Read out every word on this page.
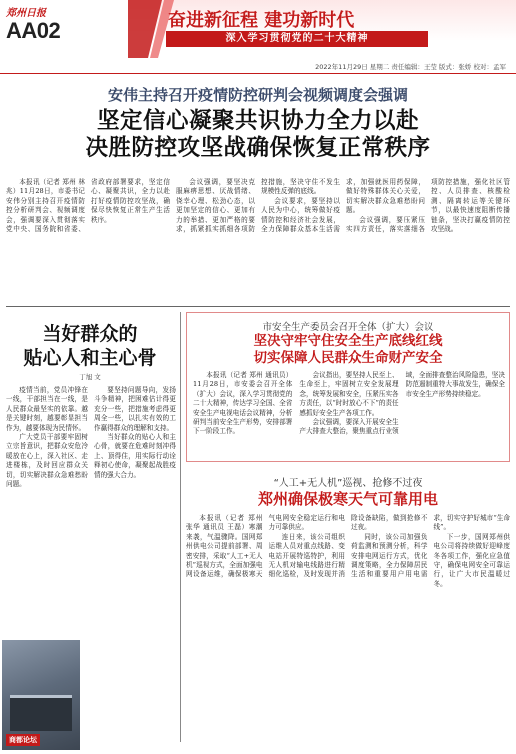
郑州日报
AA02	奋进新征程 建功新时代
深入学习贯彻党的二十大精神
2022年11月29日 星期二 责任编辑：王莹 版式：张娇 校对：孟军
安伟主持召开疫情防控研判会视频调度会强调
坚定信心凝聚共识协力全力以赴
决胜防控攻坚战确保恢复正常秩序

本报讯（记者 郑州 林兆）11月28日，市委书记安伟分别主持召开疫情防控分析研判会、视频调度会，强调要深入贯彻落实党中央、国务院和省委、省政府部署要求，坚定信心、凝聚共识，全力以赴打好疫情防控攻坚战，确保尽快恢复正常生产生活秩序。

会议强调，要坚决克服麻痹思想、厌战情绪、侥幸心理、松劲心态，以更加坚定的信心、更加有力的举措、更加严格的要求，抓紧抓实抓细各项防控措施，坚决守住不发生规模性反弹的底线。

会议要求，要坚持以人民为中心，统筹做好疫情防控和经济社会发展，全力保障群众基本生活需求，加强就医用药保障，做好特殊群体关心关爱，切实解决群众急难愁盼问题。

会议强调，要压紧压实四方责任，落实落细各项防控措施，强化社区管控、人员排查、核酸检测、隔离转运等关键环节，以最快速度阻断传播链条，坚决打赢疫情防控攻坚战。

当好群众的
贴心人和主心骨
丁旭 文

疫情当前，党员冲锋在一线，干部担当在一线，是人民群众最坚实的依靠。越是关键时刻，越要彰显担当作为，越要体现为民情怀。

广大党员干部要牢固树立宗旨意识，把群众安危冷暖放在心上，深入社区、走进楼栋，及时回应群众关切，切实解决群众急难愁盼问题。

要坚持问题导向，发扬斗争精神，把困难估计得更充分一些，把措施考虑得更周全一些，以扎实有效的工作赢得群众的理解和支持。

当好群众的贴心人和主心骨，就要在危难时刻冲得上、顶得住，用实际行动诠释初心使命，凝聚起战胜疫情的强大合力。

市安全生产委员会召开全体（扩大）会议
坚决守牢守住安全生产底线红线
切实保障人民群众生命财产安全

本报讯（记者 郑州 通讯员）11月28日，市安委会召开全体（扩大）会议，深入学习贯彻党的二十大精神，传达学习全国、全省安全生产电视电话会议精神，分析研判当前安全生产形势，安排部署下一阶段工作。

会议指出，要坚持人民至上、生命至上，牢固树立安全发展理念，统筹发展和安全，压紧压实各方责任，以“时时放心不下”的责任感抓好安全生产各项工作。

会议强调，要深入开展安全生产大排查大整治，聚焦重点行业领域，全面排查整治风险隐患，坚决防范遏制重特大事故发生，确保全市安全生产形势持续稳定。

“人工+无人机”巡视、抢修不过夜
郑州确保极寒天气可靠用电

本报讯（记者 郑州 张华 通讯员 王磊）寒潮来袭，气温骤降。国网郑州供电公司提前部署、周密安排，采取“人工+无人机”巡视方式，全面加强电网设备运维，确保极寒天气电网安全稳定运行和电力可靠供应。

连日来，该公司组织运维人员对重点线路、变电站开展特巡特护，利用无人机对输电线路进行精细化巡检，及时发现并消除设备缺陷，做到抢修不过夜。

同时，该公司加强负荷监测和预测分析，科学安排电网运行方式，优化调度策略，全力保障居民生活和重要用户用电需求，切实守护好城市“生命线”。

下一步，国网郑州供电公司将持续做好迎峰度冬各项工作，强化应急值守，确保电网安全可靠运行，让广大市民温暖过冬。

商都论坛
